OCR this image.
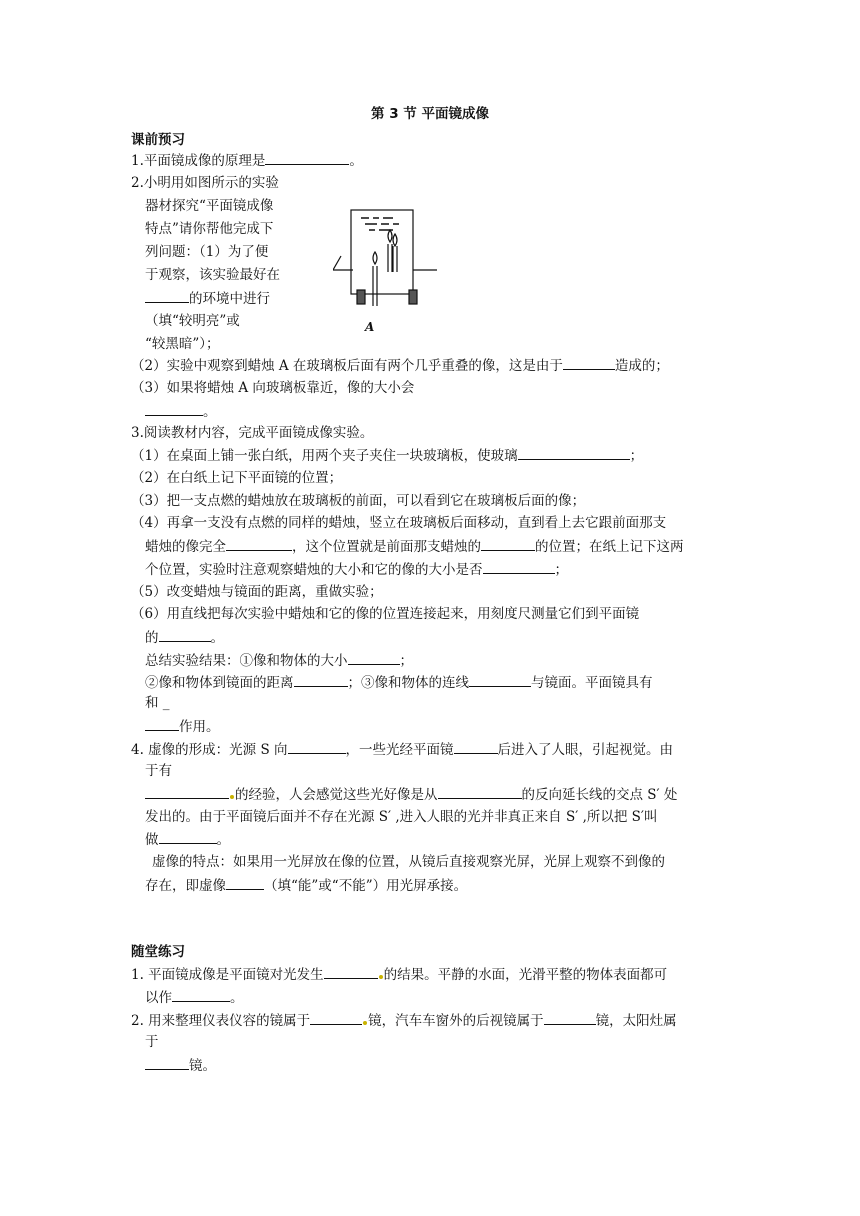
第 3 节 平面镜成像
课前预习
1.平面镜成像的原理是	。
2.小明用如图所示的实验
器材探究“平面镜成像
特点”请你帮他完成下
列问题：（1）为了便
于观察，该实验最好在
的环境中进行
（填“较明亮”或
“较黑暗”）；
A
（2）实验中观察到蜡烛 A 在玻璃板后面有两个几乎重叠的像，这是由于	造成的；
（3）如果将蜡烛 A 向玻璃板靠近，像的大小会
。
3.阅读教材内容，完成平面镜成像实验。
（1）在桌面上铺一张白纸，用两个夹子夹住一块玻璃板，使玻璃	；
（2）在白纸上记下平面镜的位置；
（3）把一支点燃的蜡烛放在玻璃板的前面，可以看到它在玻璃板后面的像；
（4）再拿一支没有点燃的同样的蜡烛，竖立在玻璃板后面移动，直到看上去它跟前面那支
蜡烛的像完全	，这个位置就是前面那支蜡烛的	的位置；在纸上记下这两
个位置，实验时注意观察蜡烛的大小和它的像的大小是否	；
（5）改变蜡烛与镜面的距离，重做实验；
（6）用直线把每次实验中蜡烛和它的像的位置连接起来，用刻度尺测量它们到平面镜
的	。
总结实验结果：①像和物体的大小	；
②像和物体到镜面的距离	；③像和物体的连线	与镜面。平面镜具有
和 _
作用。
4. 虚像的形成：光源 S 向	，一些光经平面镜	后进入了人眼，引起视觉。由
于有
的经验，人会感觉这些光好像是从	的反向延长线的交点 S′ 处
发出的。由于平面镜后面并不存在光源 S′ ,进入人眼的光并非真正来自 S′ ,所以把 S′叫
做	。
虚像的特点：如果用一光屏放在像的位置，从镜后直接观察光屏，光屏上观察不到像的
存在，即虚像	（填“能”或“不能”）用光屏承接。
随堂练习
1. 平面镜成像是平面镜对光发生	的结果。平静的水面，光滑平整的物体表面都可
以作	。
2. 用来整理仪表仪容的镜属于	镜，汽车车窗外的后视镜属于	镜，太阳灶属
于
镜。
